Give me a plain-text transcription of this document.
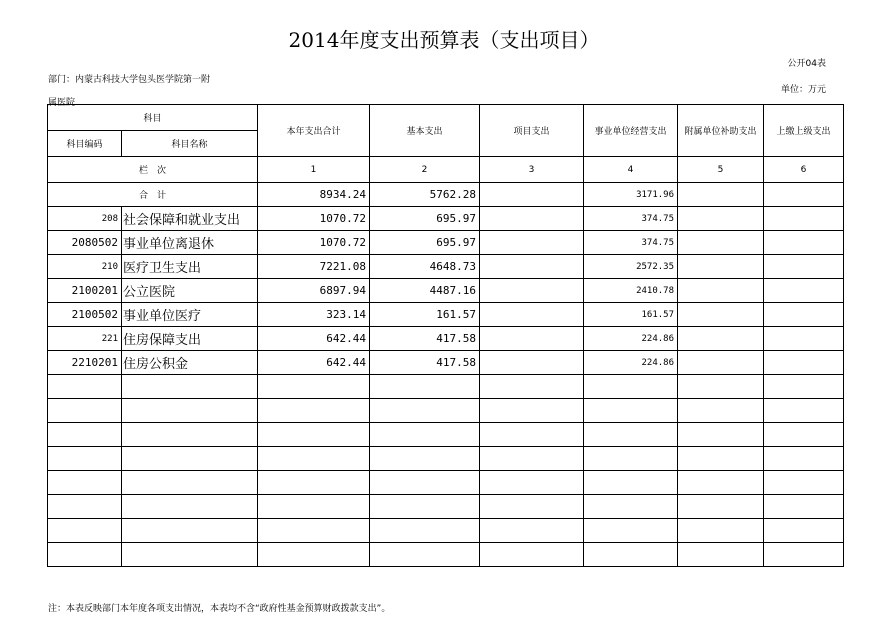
2014年度支出预算表（支出项目）
公开04表
部门：内蒙古科技大学包头医学院第一附
属医院
单位：万元
科目		本年支出合计	基本支出	项目支出	事业单位经营支出	附属单位补助支出	上缴上级支出
科目编码	科目名称						
栏　次		1	2	3	4	5	6
合　计		8934.24	5762.28		3171.96		
208	社会保障和就业支出	1070.72	695.97		374.75		
2080502	事业单位离退休	1070.72	695.97		374.75		
210	医疗卫生支出	7221.08	4648.73		2572.35		
2100201	公立医院	6897.94	4487.16		2410.78		
2100502	事业单位医疗	323.14	161.57		161.57		
221	住房保障支出	642.44	417.58		224.86		
2210201	住房公积金	642.44	417.58		224.86		

注：本表反映部门本年度各项支出情况，本表均不含“政府性基金预算财政拨款支出”。
